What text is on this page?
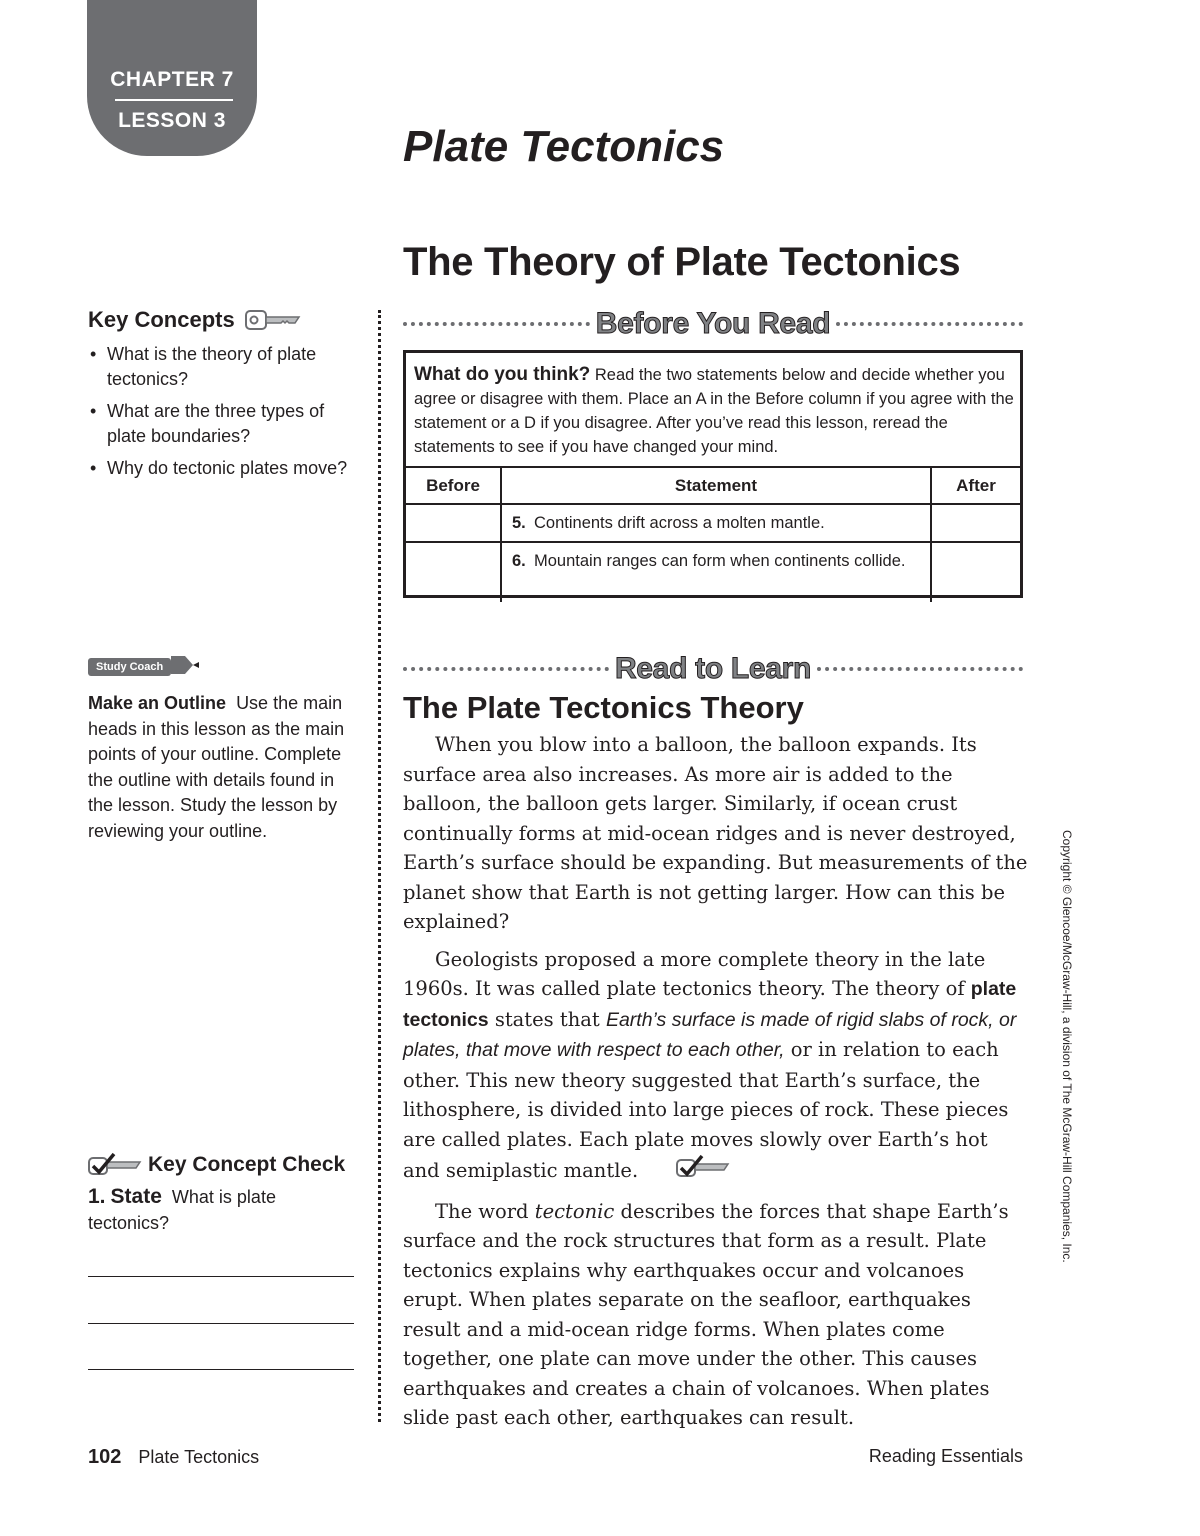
CHAPTER 7
LESSON 3
Plate Tectonics
The Theory of Plate Tectonics
Key Concepts
• What is the theory of plate tectonics?
• What are the three types of plate boundaries?
• Why do tectonic plates move?
Study Coach

Make an Outline Use the main heads in this lesson as the main points of your outline. Complete the outline with details found in the lesson. Study the lesson by reviewing your outline.

Key Concept Check

1. State What is plate tectonics?

Before You Read

What do you think? Read the two statements below and decide whether you agree or disagree with them. Place an A in the Before column if you agree with the statement or a D if you disagree. After you’ve read this lesson, reread the statements to see if you have changed your mind.

Before	Statement	After

	5. Continents drift across a molten mantle.	

	6. Mountain ranges can form when continents collide.	

Read to Learn
The Plate Tectonics Theory

When you blow into a balloon, the balloon expands. Its surface area also increases. As more air is added to the balloon, the balloon gets larger. Similarly, if ocean crust continually forms at mid-ocean ridges and is never destroyed, Earth’s surface should be expanding. But measurements of the planet show that Earth is not getting larger. How can this be explained?

Geologists proposed a more complete theory in the late 1960s. It was called plate tectonics theory. The theory of plate tectonics states that Earth’s surface is made of rigid slabs of rock, or plates, that move with respect to each other, or in relation to each other. This new theory suggested that Earth’s surface, the lithosphere, is divided into large pieces of rock. These pieces are called plates. Each plate moves slowly over Earth’s hot and semiplastic mantle.

The word tectonic describes the forces that shape Earth’s surface and the rock structures that form as a result. Plate tectonics explains why earthquakes occur and volcanoes erupt. When plates separate on the seafloor, earthquakes result and a mid-ocean ridge forms. When plates come together, one plate can move under the other. This causes earthquakes and creates a chain of volcanoes. When plates slide past each other, earthquakes can result.

Copyright © Glencoe/McGraw-Hill, a division of The McGraw-Hill Companies, Inc.
102 Plate Tectonics	Reading Essentials
